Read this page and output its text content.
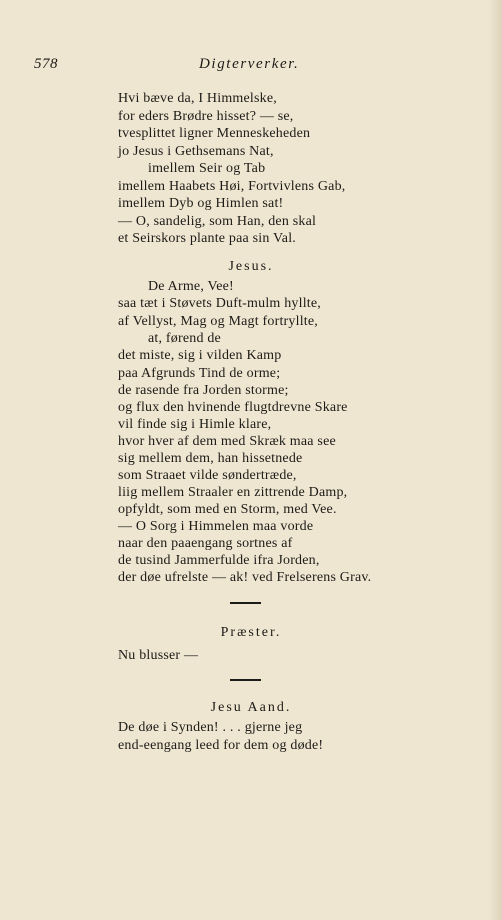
578	Digterverker.
Hvi bæve da, I Himmelske,
for eders Brødre hisset? — se,
tvesplittet ligner Menneskeheden
jo Jesus i Gethsemans Nat,
imellem Seir og Tab
imellem Haabets Høi, Fortvivlens Gab,
imellem Dyb og Himlen sat!
— O, sandelig, som Han, den skal
et Seirskors plante paa sin Val.
Jesus.
De Arme, Vee!
saa tæt i Støvets Duft-mulm hyllte,
af Vellyst, Mag og Magt fortryllte,
at, førend de
det miste, sig i vilden Kamp
paa Afgrunds Tind de orme;
de rasende fra Jorden storme;
og flux den hvinende flugtdrevne Skare
vil finde sig i Himle klare,
hvor hver af dem med Skræk maa see
sig mellem dem, han hissetnede
som Straaet vilde søndertræde,
liig mellem Straaler en zittrende Damp,
opfyldt, som med en Storm, med Vee.
— O Sorg i Himmelen maa vorde
naar den paaengang sortnes af
de tusind Jammerfulde ifra Jorden,
der døe ufrelste — ak! ved Frelserens Grav.
Præster.
Nu blusser —
Jesu Aand.
De døe i Synden! . . . gjerne jeg
end-eengang leed for dem og døde!
